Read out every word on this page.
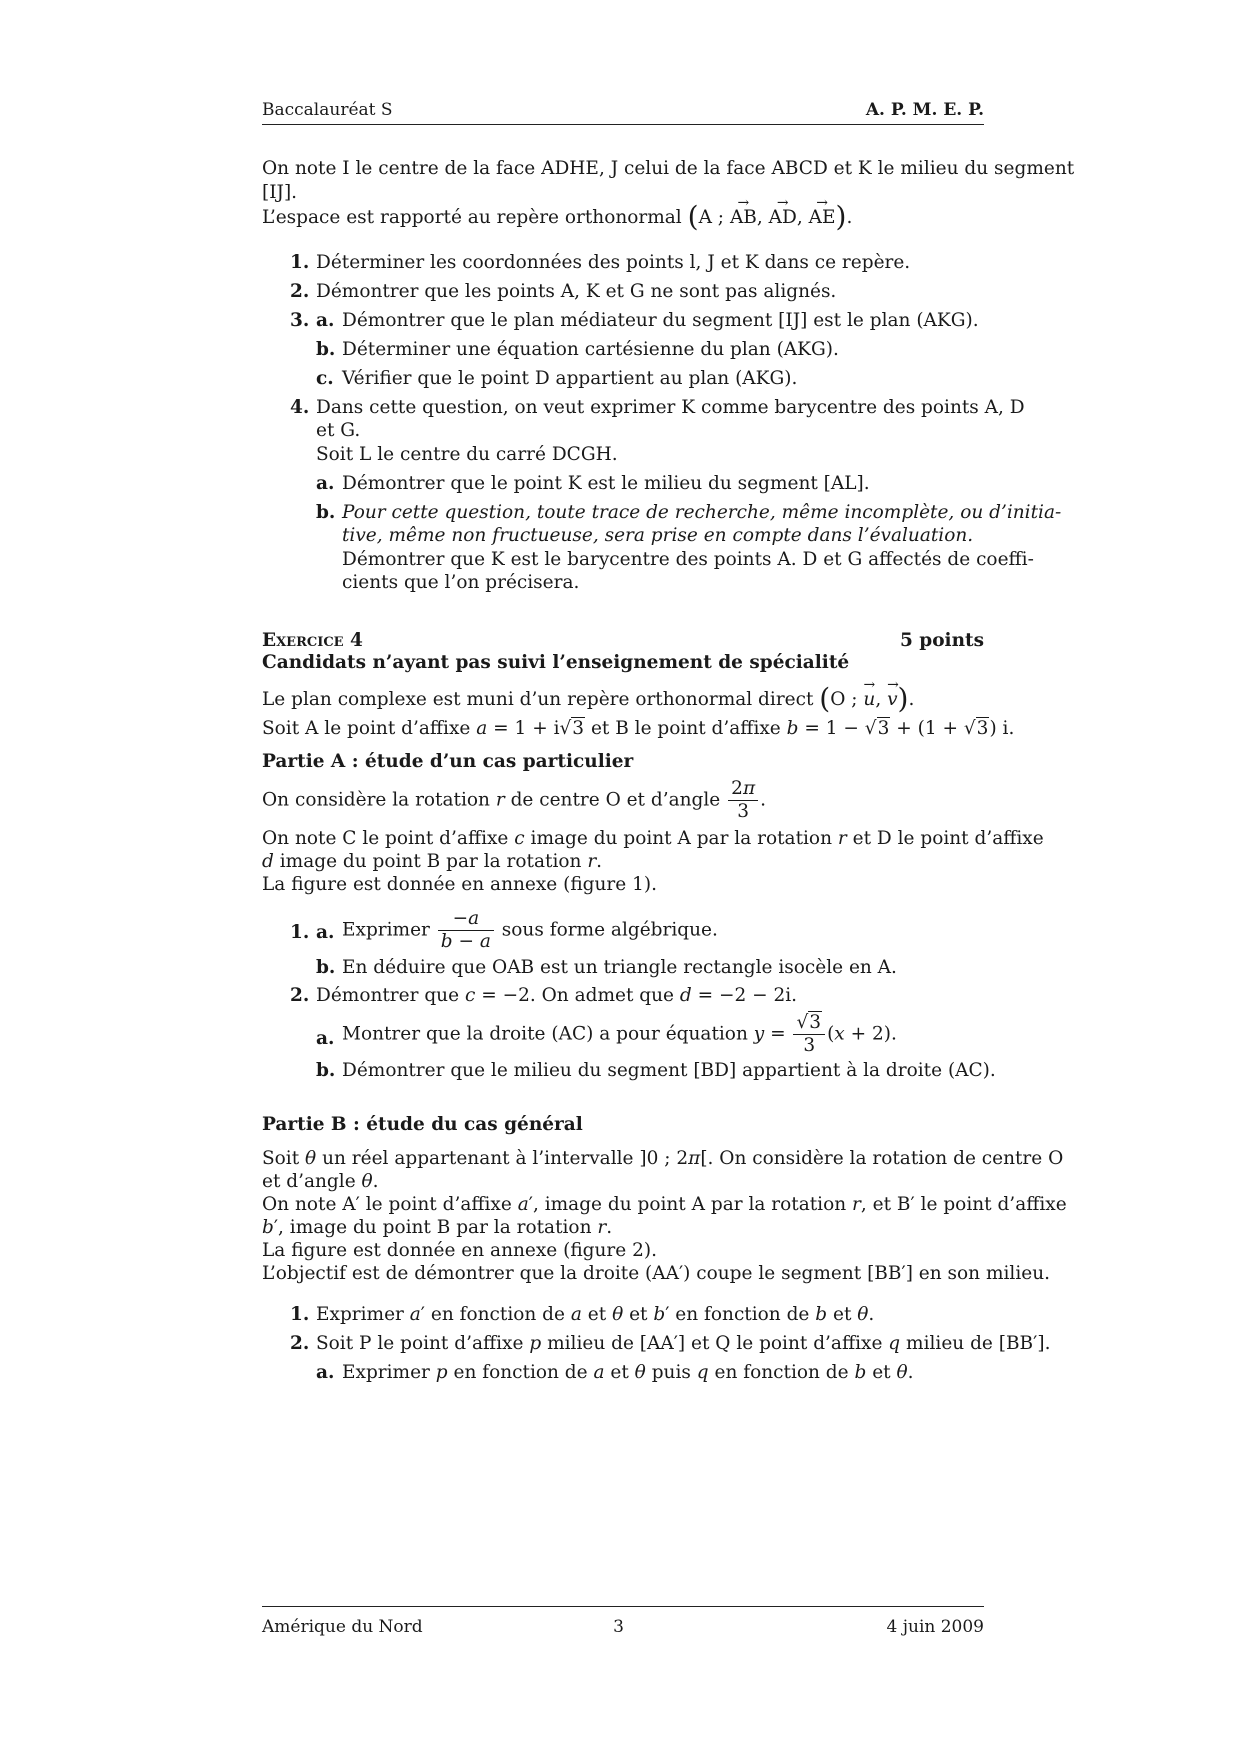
Baccalauréat S	A. P. M. E. P.
On note I le centre de la face ADHE, J celui de la face ABCD et K le milieu du segment
[IJ].
L’espace est rapporté au repère orthonormal (A ; → AB, → AD, → AE).
1. Déterminer les coordonnées des points l, J et K dans ce repère.
2. Démontrer que les points A, K et G ne sont pas alignés.
3. a. Démontrer que le plan médiateur du segment [IJ] est le plan (AKG).
b. Déterminer une équation cartésienne du plan (AKG).
c. Vérifier que le point D appartient au plan (AKG).
4. Dans cette question, on veut exprimer K comme barycentre des points A, D
et G.
Soit L le centre du carré DCGH.
a. Démontrer que le point K est le milieu du segment [AL].
b. Pour cette question, toute trace de recherche, même incomplète, ou d’initia-
tive, même non fructueuse, sera prise en compte dans l’évaluation.
Démontrer que K est le barycentre des points A. D et G affectés de coeffi-
cients que l’on précisera.
Exercice 4	5 points
Candidats n’ayant pas suivi l’enseignement de spécialité
Le plan complexe est muni d’un repère orthonormal direct (O ; → u, → v).
Soit A le point d’affixe a = 1 + i√3 et B le point d’affixe b = 1 − √3 + (1 + √3) i.
Partie A : étude d’un cas particulier
On considère la rotation r de centre O et d’angle $\frac{2\pi}{3}$ .
On note C le point d’affixe c image du point A par la rotation r et D le point d’affixe
d image du point B par la rotation r.
La figure est donnée en annexe (figure 1).
1. a. Exprimer $\frac{-a}{b - a}$ sous forme algébrique.
b. En déduire que OAB est un triangle rectangle isocèle en A.
2. Démontrer que c = −2. On admet que d = −2 − 2i.
a. Montrer que la droite (AC) a pour équation $y = \frac{√3}{3} (x + 2)$.
b. Démontrer que le milieu du segment [BD] appartient à la droite (AC).
Partie B : étude du cas général
Soit θ un réel appartenant à l’intervalle ]0 ; 2π[. On considère la rotation de centre O
et d’angle θ.
On note A′ le point d’affixe a′, image du point A par la rotation r, et B′ le point d’affixe
b′, image du point B par la rotation r.
La figure est donnée en annexe (figure 2).
L’objectif est de démontrer que la droite (AA′) coupe le segment [BB′] en son milieu.
1. Exprimer a′ en fonction de a et θ et b′ en fonction de b et θ.
2. Soit P le point d’affixe p milieu de [AA′] et Q le point d’affixe q milieu de [BB′].
a. Exprimer p en fonction de a et θ puis q en fonction de b et θ.
Amérique du Nord	3	4 juin 2009
